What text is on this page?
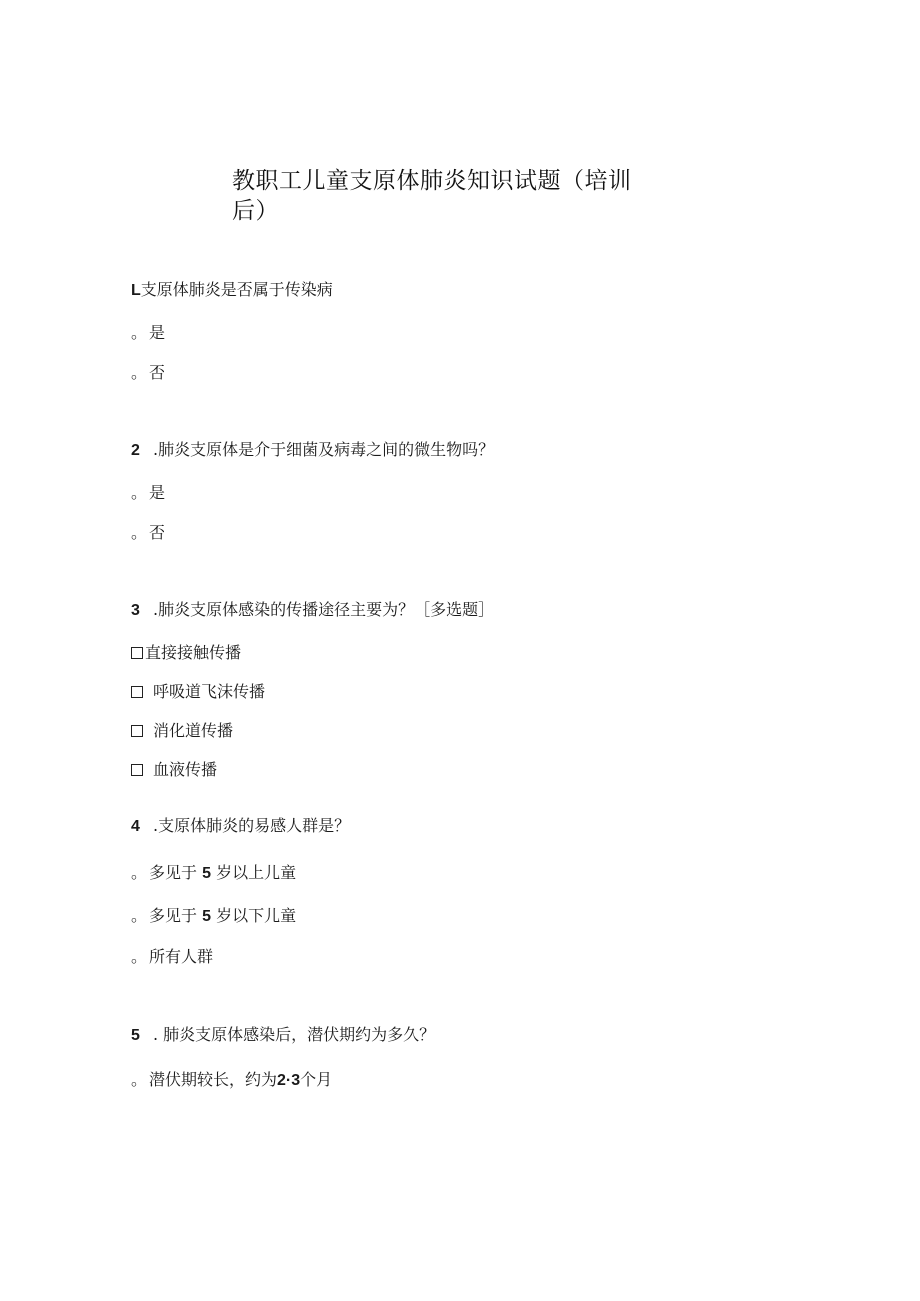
教职工儿童支原体肺炎知识试题（培训后）
L支原体肺炎是否属于传染病
。 是
。 否
2 .肺炎支原体是介于细菌及病毒之间的微生物吗？
。 是
。 否
3 .肺炎支原体感染的传播途径主要为？［多选题］
直接接触传播
呼吸道飞沫传播
消化道传播
血液传播
4 .支原体肺炎的易感人群是？
。 多见于 5 岁以上儿童
。 多见于 5 岁以下儿童
。 所有人群
5 . 肺炎支原体感染后，潜伏期约为多久？
。 潜伏期较长，约为2·3个月
